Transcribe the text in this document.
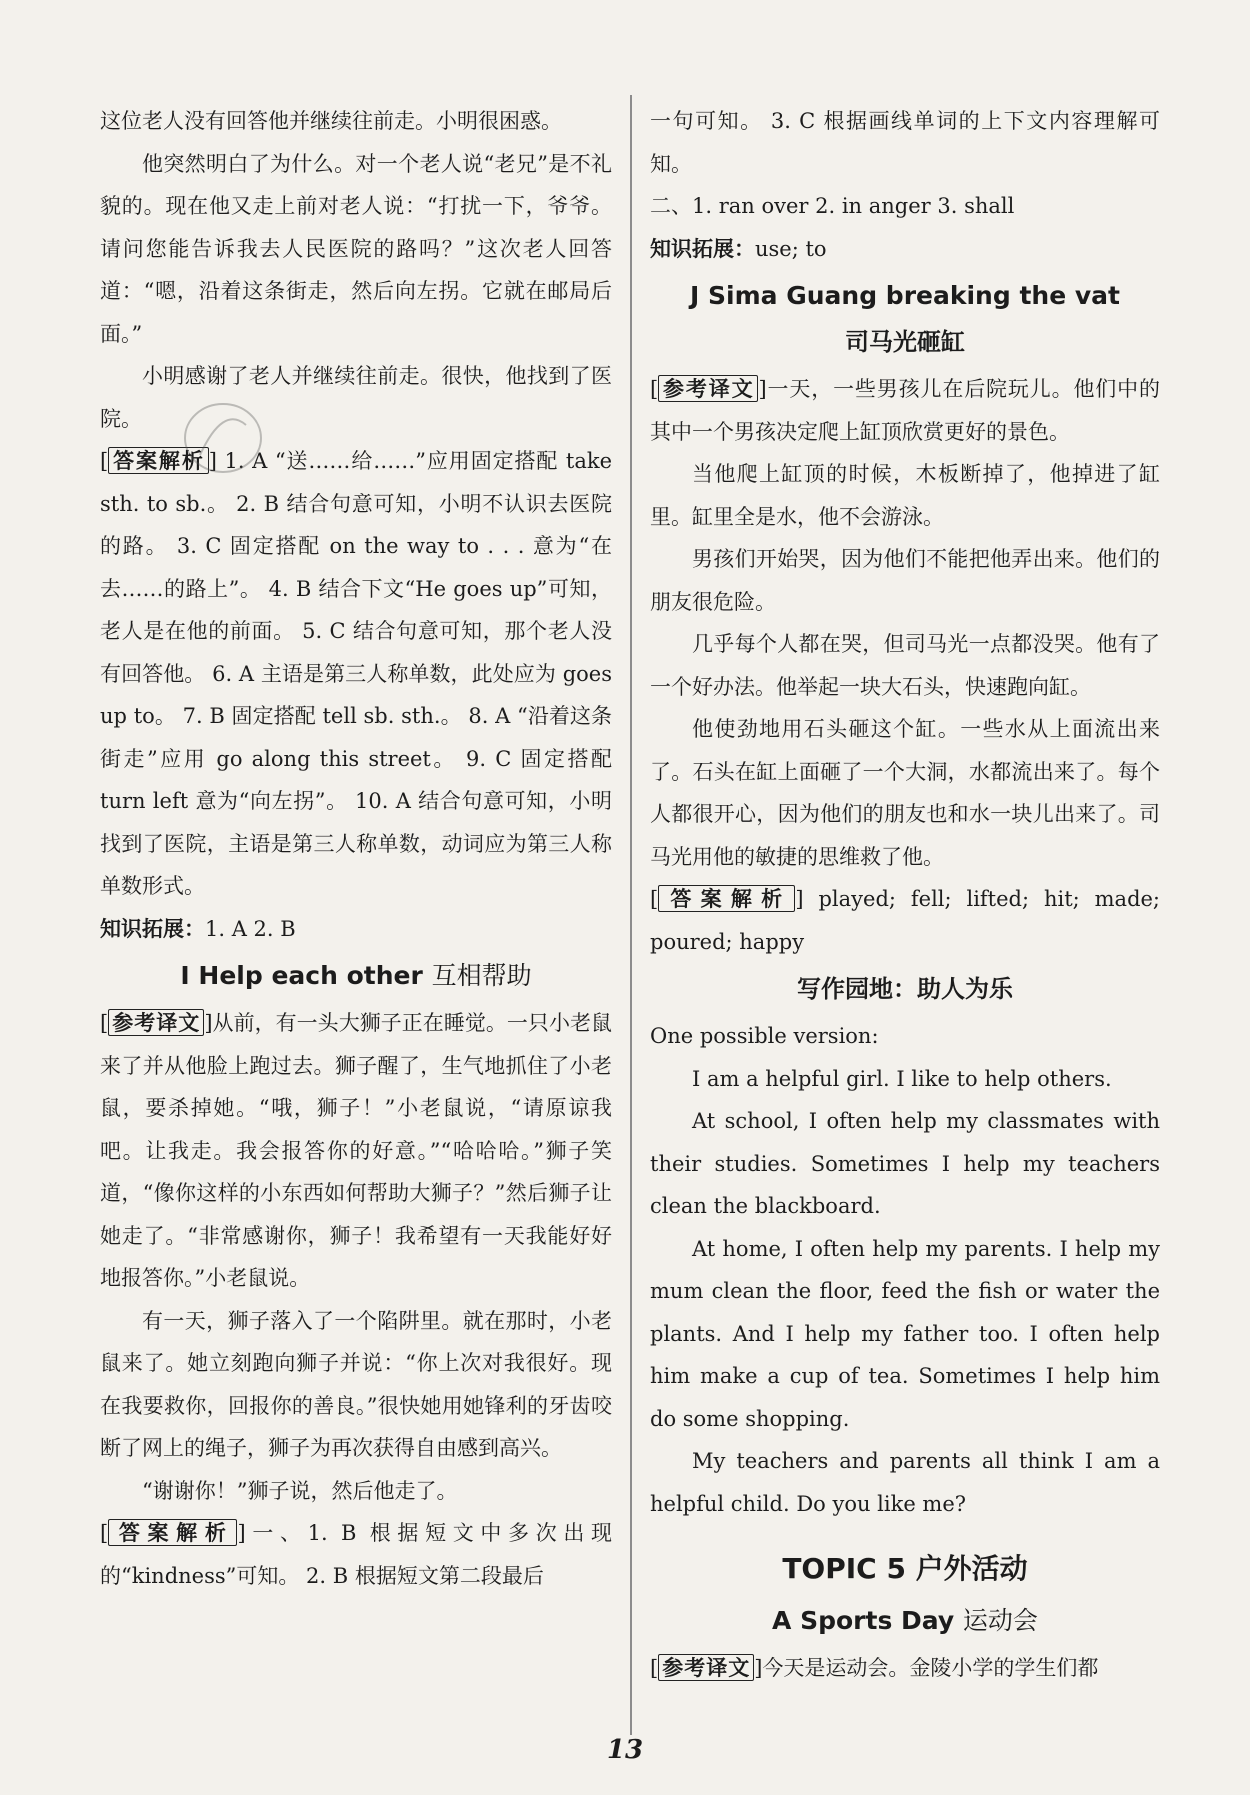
这位老人没有回答他并继续往前走。小明很困惑。

他突然明白了为什么。对一个老人说“老兄”是不礼貌的。现在他又走上前对老人说：“打扰一下，爷爷。请问您能告诉我去人民医院的路吗？”这次老人回答道：“嗯，沿着这条街走，然后向左拐。它就在邮局后面。”

小明感谢了老人并继续往前走。很快，他找到了医院。

[ 答案解析 ] 1. A “送……给……”应用固定搭配 take sth. to sb.。 2. B 结合句意可知，小明不认识去医院的路。 3. C 固定搭配 on the way to . . . 意为“在去……的路上”。 4. B 结合下文“He goes up”可知，老人是在他的前面。 5. C 结合句意可知，那个老人没有回答他。 6. A 主语是第三人称单数，此处应为 goes up to。 7. B 固定搭配 tell sb. sth.。 8. A “沿着这条街走”应用 go along this street。 9. C 固定搭配 turn left 意为“向左拐”。 10. A 结合句意可知，小明找到了医院，主语是第三人称单数，动词应为第三人称单数形式。

知识拓展：1. A 2. B

I Help each other 互相帮助

[ 参考译文 ]从前，有一头大狮子正在睡觉。一只小老鼠来了并从他脸上跑过去。狮子醒了，生气地抓住了小老鼠，要杀掉她。“哦，狮子！”小老鼠说，“请原谅我吧。让我走。我会报答你的好意。”“哈哈哈。”狮子笑道，“像你这样的小东西如何帮助大狮子？”然后狮子让她走了。“非常感谢你，狮子！我希望有一天我能好好地报答你。”小老鼠说。

有一天，狮子落入了一个陷阱里。就在那时，小老鼠来了。她立刻跑向狮子并说：“你上次对我很好。现在我要救你，回报你的善良。”很快她用她锋利的牙齿咬断了网上的绳子，狮子为再次获得自由感到高兴。

“谢谢你！”狮子说，然后他走了。

[ 答案解析 ]一、1. B 根据短文中多次出现的“kindness”可知。 2. B 根据短文第二段最后

一句可知。 3. C 根据画线单词的上下文内容理解可知。

二、1. ran over 2. in anger 3. shall

知识拓展：use; to

J Sima Guang breaking the vat
司马光砸缸

[ 参考译文 ]一天，一些男孩儿在后院玩儿。他们中的其中一个男孩决定爬上缸顶欣赏更好的景色。

当他爬上缸顶的时候，木板断掉了，他掉进了缸里。缸里全是水，他不会游泳。

男孩们开始哭，因为他们不能把他弄出来。他们的朋友很危险。

几乎每个人都在哭，但司马光一点都没哭。他有了一个好办法。他举起一块大石头，快速跑向缸。

他使劲地用石头砸这个缸。一些水从上面流出来了。石头在缸上面砸了一个大洞，水都流出来了。每个人都很开心，因为他们的朋友也和水一块儿出来了。司马光用他的敏捷的思维救了他。

[ 答案解析 ] played; fell; lifted; hit; made; poured; happy

写作园地：助人为乐

One possible version:

I am a helpful girl. I like to help others.

At school, I often help my classmates with their studies. Sometimes I help my teachers clean the blackboard.

At home, I often help my parents. I help my mum clean the floor, feed the fish or water the plants. And I help my father too. I often help him make a cup of tea. Sometimes I help him do some shopping.

My teachers and parents all think I am a helpful child. Do you like me?

TOPIC 5 户外活动
A Sports Day 运动会

[ 参考译文 ]今天是运动会。金陵小学的学生们都

13
